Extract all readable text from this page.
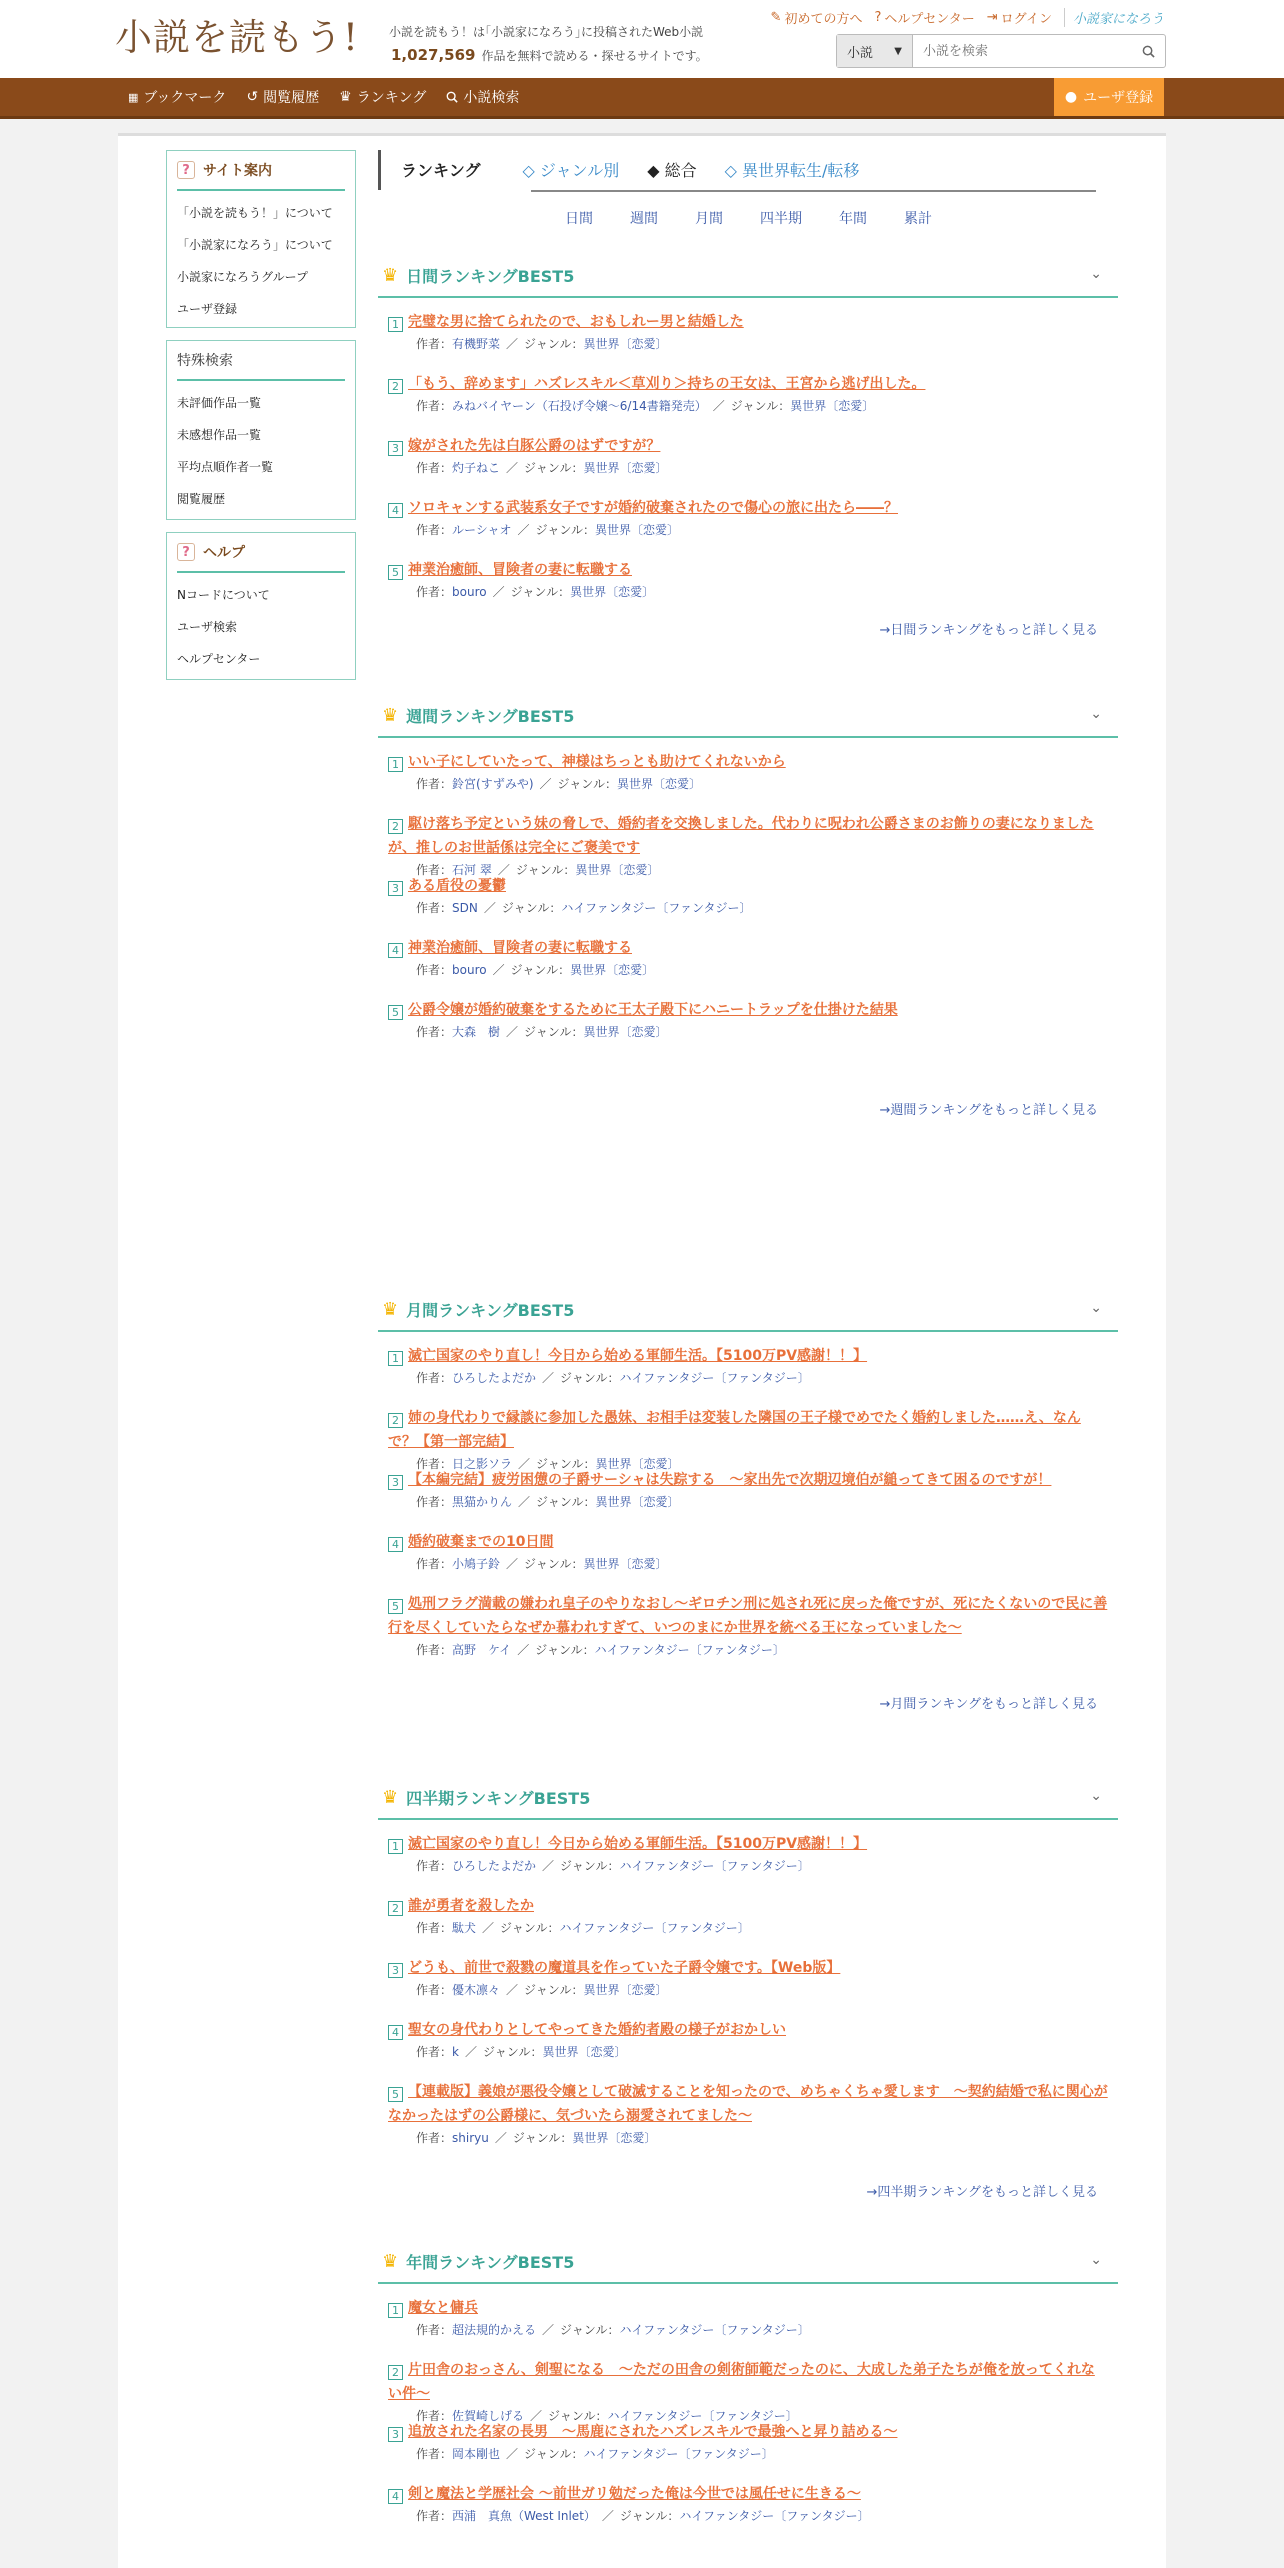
小説を読もう!	小説を読もう！は｢小説家になろう｣に投稿されたWeb小説
1,027,569 作品を無料で読める・探せるサイトです。
✎ 初めての方へ ? ヘルプセンター ⇥ ログイン	小説家になろう
小説 ▼
小説を検索
▦ ブックマーク ↺ 閲覧履歴 ♛ ランキング	小説検索	● ユーザ登録
? サイト案内
「小説を読もう！」について
「小説家になろう」について
小説家になろうグループ
ユーザ登録
特殊検索
未評価作品一覧
未感想作品一覧
平均点順作者一覧
閲覧履歴
? ヘルプ
Nコードについて
ユーザ検索
ヘルプセンター
ランキング	◇ ジャンル別 ◆ 総合 ◇ 異世界転生/転移
日間	週間	月間	四半期	年間	累計
♛ 日間ランキングBEST5	⌄
1 完璧な男に捨てられたので、おもしれー男と結婚した
作者：有機野菜 ／ ジャンル：異世界〔恋愛〕
2 「もう、辞めます」ハズレスキル＜草刈り＞持ちの王女は、王宮から逃げ出した。
作者：みねバイヤーン（石投げ令嬢〜6/14書籍発売） ／ ジャンル：異世界〔恋愛〕
3 嫁がされた先は白豚公爵のはずですが？
作者：灼子ねこ ／ ジャンル：異世界〔恋愛〕
4 ソロキャンする武装系女子ですが婚約破棄されたので傷心の旅に出たら――？
作者：ルーシャオ ／ ジャンル：異世界〔恋愛〕
5 神業治癒師、冒険者の妻に転職する
作者：bouro ／ ジャンル：異世界〔恋愛〕
→日間ランキングをもっと詳しく見る
♛ 週間ランキングBEST5	⌄
1 いい子にしていたって、神様はちっとも助けてくれないから
作者：鈴宮(すずみや) ／ ジャンル：異世界〔恋愛〕
2 駆け落ち予定という妹の脅しで、婚約者を交換しました。代わりに呪われ公爵さまのお飾りの妻になりましたが、推しのお世話係は完全にご褒美です
作者：石河 翠 ／ ジャンル：異世界〔恋愛〕
3 ある盾役の憂鬱
作者：SDN ／ ジャンル：ハイファンタジー〔ファンタジー〕
4 神業治癒師、冒険者の妻に転職する
作者：bouro ／ ジャンル：異世界〔恋愛〕
5 公爵令嬢が婚約破棄をするために王太子殿下にハニートラップを仕掛けた結果
作者：大森　樹 ／ ジャンル：異世界〔恋愛〕
→週間ランキングをもっと詳しく見る
♛ 月間ランキングBEST5	⌄
1 滅亡国家のやり直し！今日から始める軍師生活。【5100万PV感謝！！】
作者：ひろしたよだか ／ ジャンル：ハイファンタジー〔ファンタジー〕
2 姉の身代わりで縁談に参加した愚妹、お相手は変装した隣国の王子様でめでたく婚約しました……え、なんで？【第一部完結】
作者：日之影ソラ ／ ジャンル：異世界〔恋愛〕
3 【本編完結】疲労困憊の子爵サーシャは失踪する　～家出先で次期辺境伯が縋ってきて困るのですが！
作者：黒猫かりん ／ ジャンル：異世界〔恋愛〕
4 婚約破棄までの10日間
作者：小鳩子鈴 ／ ジャンル：異世界〔恋愛〕
5 処刑フラグ満載の嫌われ皇子のやりなおし～ギロチン刑に処され死に戻った俺ですが、死にたくないので民に善行を尽くしていたらなぜか慕われすぎて、いつのまにか世界を統べる王になっていました～
作者：高野　ケイ ／ ジャンル：ハイファンタジー〔ファンタジー〕
→月間ランキングをもっと詳しく見る
♛ 四半期ランキングBEST5	⌄
1 滅亡国家のやり直し！今日から始める軍師生活。【5100万PV感謝！！】
作者：ひろしたよだか ／ ジャンル：ハイファンタジー〔ファンタジー〕
2 誰が勇者を殺したか
作者：駄犬 ／ ジャンル：ハイファンタジー〔ファンタジー〕
3 どうも、前世で殺戮の魔道具を作っていた子爵令嬢です。【Web版】
作者：優木凛々 ／ ジャンル：異世界〔恋愛〕
4 聖女の身代わりとしてやってきた婚約者殿の様子がおかしい
作者：k ／ ジャンル：異世界〔恋愛〕
5 【連載版】義娘が悪役令嬢として破滅することを知ったので、めちゃくちゃ愛します　～契約結婚で私に関心がなかったはずの公爵様に、気づいたら溺愛されてました～
作者：shiryu ／ ジャンル：異世界〔恋愛〕
→四半期ランキングをもっと詳しく見る
♛ 年間ランキングBEST5	⌄
1 魔女と傭兵
作者：超法規的かえる ／ ジャンル：ハイファンタジー〔ファンタジー〕
2 片田舎のおっさん、剣聖になる　～ただの田舎の剣術師範だったのに、大成した弟子たちが俺を放ってくれない件～
作者：佐賀崎しげる ／ ジャンル：ハイファンタジー〔ファンタジー〕
3 追放された名家の長男　～馬鹿にされたハズレスキルで最強へと昇り詰める～
作者：岡本剛也 ／ ジャンル：ハイファンタジー〔ファンタジー〕
4 剣と魔法と学歴社会 〜前世ガリ勉だった俺は今世では風任せに生きる〜
作者：西浦　真魚（West Inlet） ／ ジャンル：ハイファンタジー〔ファンタジー〕
